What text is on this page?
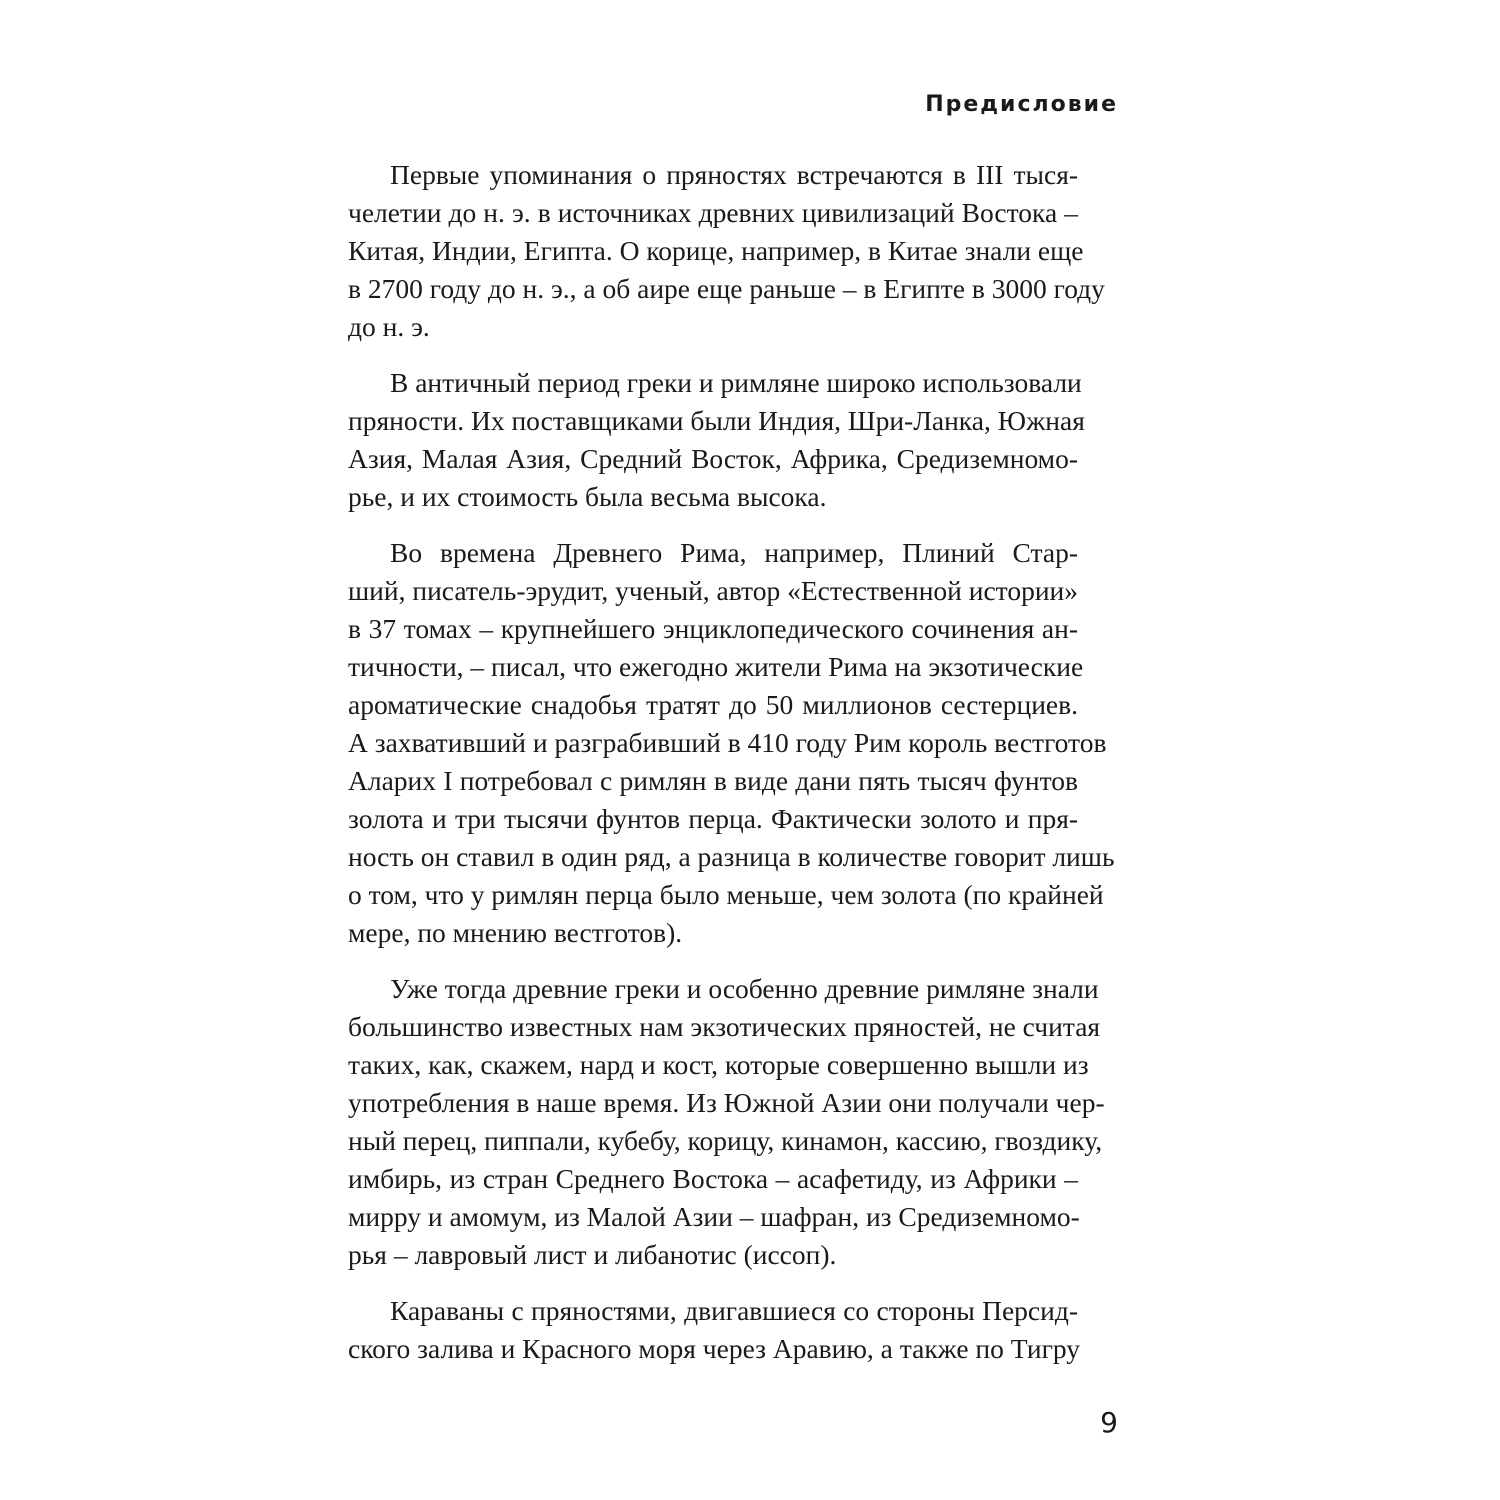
Предисловие
Первые упоминания о пряностях встречаются в III тыся-
челетии до н. э. в источниках древних цивилизаций Востока –
Китая, Индии, Египта. О корице, например, в Китае знали еще
в 2700 году до н. э., а об аире еще раньше – в Египте в 3000 году
до н. э.
В античный период греки и римляне широко использовали
пряности. Их поставщиками были Индия, Шри-Ланка, Южная
Азия, Малая Азия, Средний Восток, Африка, Средиземномо-
рье, и их стоимость была весьма высока.
Во времена Древнего Рима, например, Плиний Стар-
ший, писатель-эрудит, ученый, автор «Естественной истории»
в 37 томах – крупнейшего энциклопедического сочинения ан-
тичности, – писал, что ежегодно жители Рима на экзотические
ароматические снадобья тратят до 50 миллионов сестерциев.
А захвативший и разграбивший в 410 году Рим король вестготов
Аларих I потребовал с римлян в виде дани пять тысяч фунтов
золота и три тысячи фунтов перца. Фактически золото и пря-
ность он ставил в один ряд, а разница в количестве говорит лишь
о том, что у римлян перца было меньше, чем золота (по крайней
мере, по мнению вестготов).
Уже тогда древние греки и особенно древние римляне знали
большинство известных нам экзотических пряностей, не считая
таких, как, скажем, нард и кост, которые совершенно вышли из
употребления в наше время. Из Южной Азии они получали чер-
ный перец, пиппали, кубебу, корицу, кинамон, кассию, гвоздику,
имбирь, из стран Среднего Востока – асафетиду, из Африки –
мирру и амомум, из Малой Азии – шафран, из Средиземномо-
рья – лавровый лист и либанотис (иссоп).
Караваны с пряностями, двигавшиеся со стороны Персид-
ского залива и Красного моря через Аравию, а также по Тигру
9
